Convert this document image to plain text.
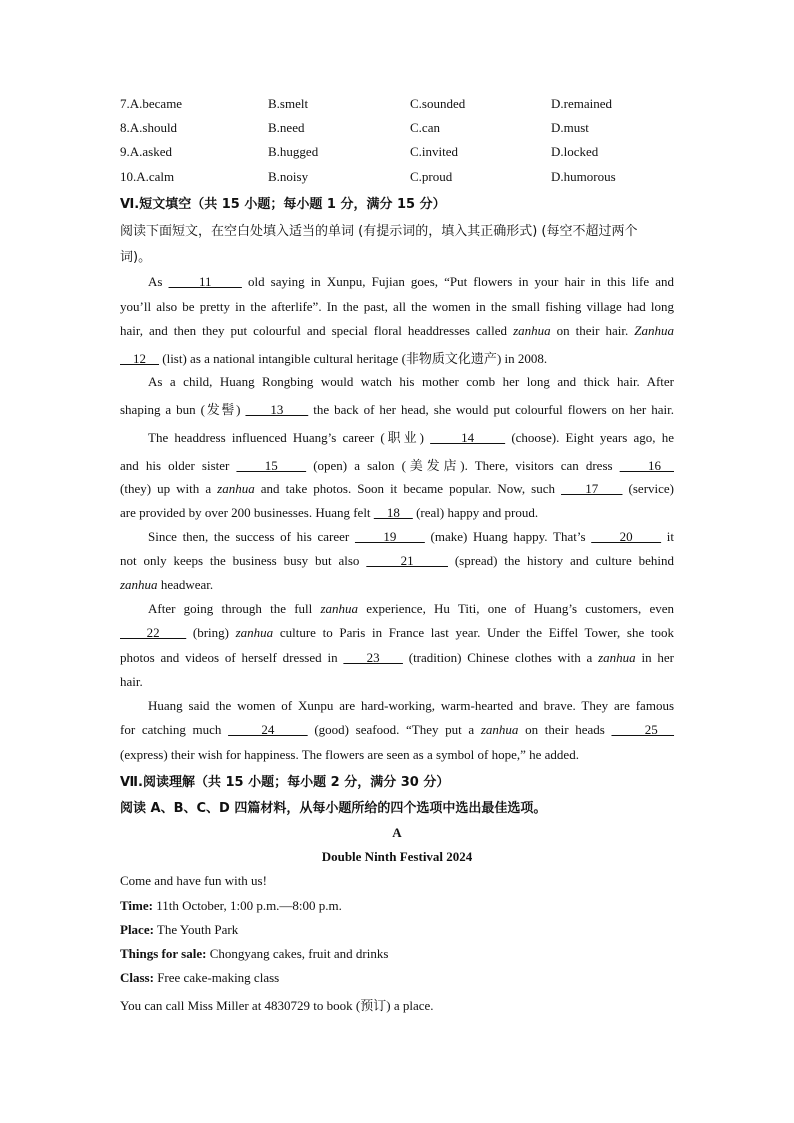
7.A.became	B.smelt	C.sounded	D.remained
8.A.should	B.need	C.can	D.must
9.A.asked	B.hugged	C.invited	D.locked
10.A.calm	B.noisy	C.proud	D.humorous
Ⅵ.短文填空（共 15 小题；每小题 1 分，满分 15 分）
阅读下面短文，在空白处填入适当的单词 (有提示词的，填入其正确形式) (每空不超过两个
词)。
As      11      old saying in Xunpu, Fujian goes, “Put flowers in your hair in this life and
you’ll also be pretty in the afterlife”. In the past, all the women in the small fishing village had long
hair, and then they put colourful and special floral headdresses called zanhua on their hair. Zanhua
12     (list) as a national intangible cultural heritage (非物质文化遗产) in 2008.
As a child, Huang Rongbing would watch his mother comb her long and thick hair. After
shaping a bun (发髻)      13      the back of her head, she would put colourful flowers on her hair.
The headdress influenced Huang’s career (职业)      14      (choose). Eight years ago, he
and his older sister     15     (open) a salon (美发店). There, visitors can dress     16
(they) up with a zanhua and take photos. Soon it became popular. Now, such     17     (service)
are provided by over 200 businesses. Huang felt     18     (real) happy and proud.
Since then, the success of his career      19      (make) Huang happy. That’s      20      it
not only keeps the business busy but also      21      (spread) the history and culture behind
zanhua headwear.
After going through the full zanhua experience, Hu Titi, one of Huang’s customers, even
22     (bring) zanhua culture to Paris in France last year. Under the Eiffel Tower, she took
photos and videos of herself dressed in     23     (tradition) Chinese clothes with a zanhua in her
hair.
Huang said the women of Xunpu are hard-working, warm-hearted and brave. They are famous
for catching much      24      (good) seafood. “They put a zanhua on their heads      25
(express) their wish for happiness. The flowers are seen as a symbol of hope,” he added.
Ⅶ.阅读理解（共 15 小题；每小题 2 分，满分 30 分）
阅读 A、B、C、D 四篇材料，从每小题所给的四个选项中选出最佳选项。
A
Double Ninth Festival 2024
Come and have fun with us!
Time: 11th October, 1:00 p.m.—8:00 p.m.
Place: The Youth Park
Things for sale: Chongyang cakes, fruit and drinks
Class: Free cake-making class
You can call Miss Miller at 4830729 to book (预订) a place.
